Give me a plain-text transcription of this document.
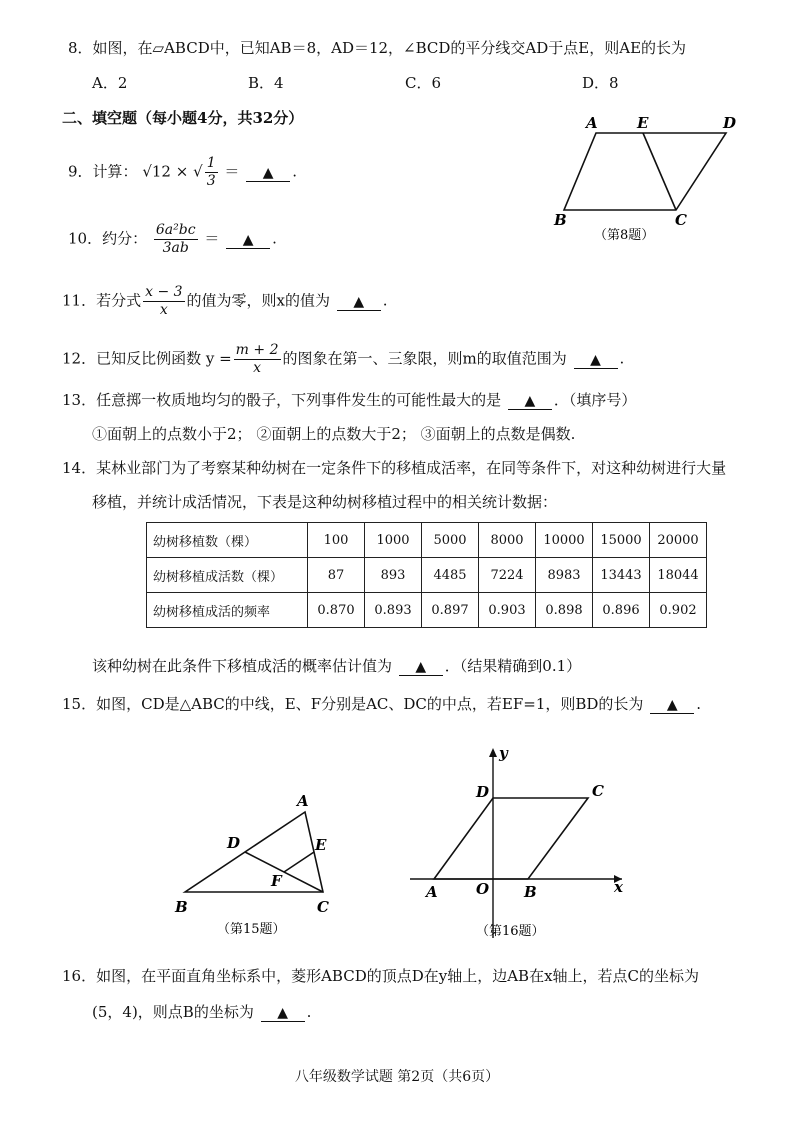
8．如图，在▱ABCD中，已知AB＝8，AD＝12，∠BCD的平分线交AD于点E，则AE的长为
A．2	B．4	C．6	D．8
二、填空题（每小题4分，共32分）
9．计算： √12 × √ $\frac{1}{3}$ ＝ ▲ .
10．约分： $\frac{\text{6a²bc}}{3ab}$ ＝ ▲ .
11．若分式 $\frac{x - 3}{x}$ 的值为零，则x的值为 ▲ .
12．已知反比例函数 $y = \frac{m + 2}{x}$ 的图象在第一、三象限，则m的取值范围为 ▲ .
13．任意掷一枚质地均匀的骰子，下列事件发生的可能性最大的是 ▲ ．（填序号）
①面朝上的点数小于2； ②面朝上的点数大于2； ③面朝上的点数是偶数.
14．某林业部门为了考察某种幼树在一定条件下的移植成活率，在同等条件下，对这种幼树进行大量
移植，并统计成活情况，下表是这种幼树移植过程中的相关统计数据：
幼树移植数（棵）	100	1000	5000	8000	10000	15000	20000
幼树移植成活数（棵）	87	893	4485	7224	8983	13443	18044
幼树移植成活的频率	0.870	0.893	0.897	0.903	0.898	0.896	0.902
该种幼树在此条件下移植成活的概率估计值为 ▲ ．（结果精确到0.1）
15．如图，CD是△ABC的中线，E、F分别是AC、DC的中点，若EF=1，则BD的长为 ▲ .
A	E	D
B	C
（第8题）
A
D	E
F
B	C
（第15题）
y
D	C
A	O B	x
（第16题）
16．如图，在平面直角坐标系中，菱形ABCD的顶点D在y轴上，边AB在x轴上，若点C的坐标为
(5，4)，则点B的坐标为 ▲ .
八年级数学试题 第2页（共6页）
